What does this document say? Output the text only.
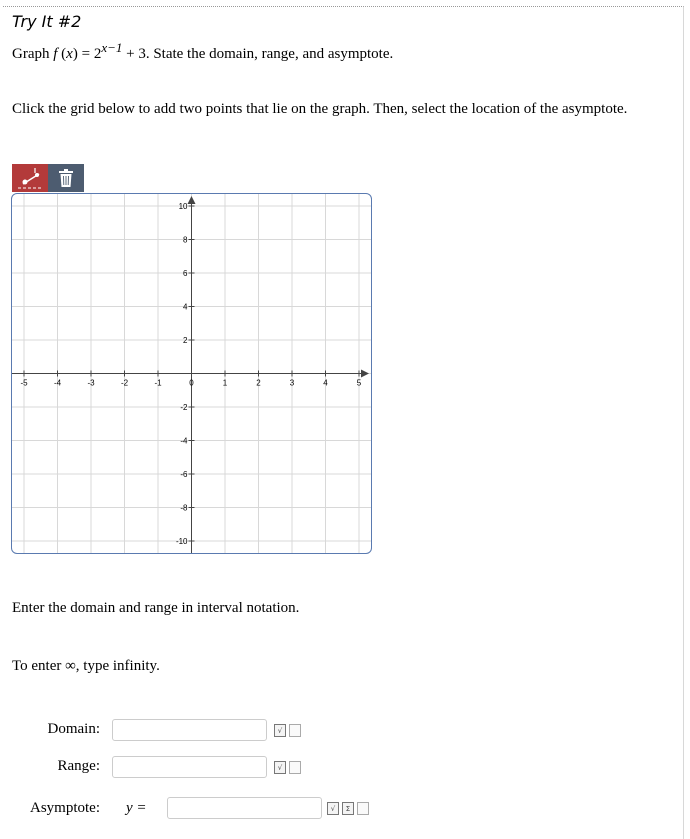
Try It #2
Graph f $(x) = 2^{x-1} + 3$. State the domain, range, and asymptote.
Click the grid below to add two points that lie on the graph. Then, select the location of the asymptote.
-5	-4	-3	-2	-1	0	1	2	3	4	5
10
8
6
4
2
-2
-4
-6
-8
-10
Enter the domain and range in interval notation.
To enter ∞, type infinity.
Domain:	√
Range:	√
Asymptote: y =	√	Σ
